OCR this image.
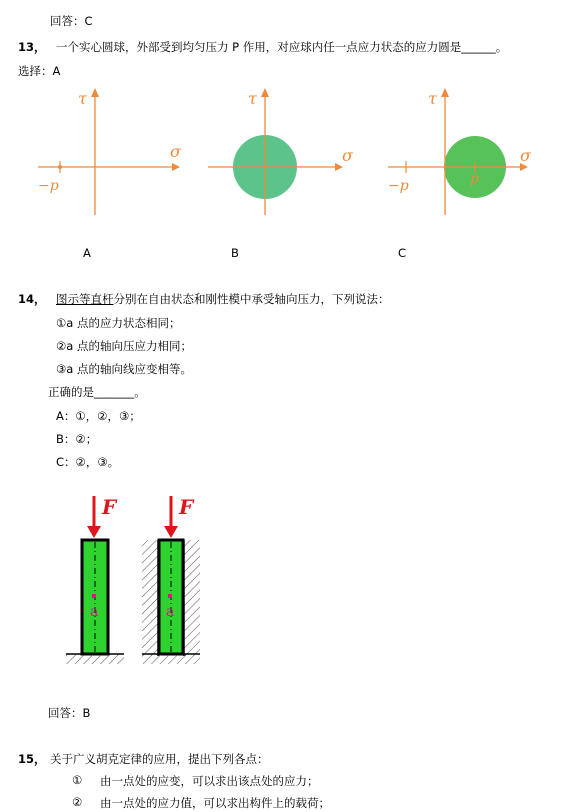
回答：C
13， 一个实心圆球，外部受到均匀压力 P 作用，对应球内任一点应力状态的应力圆是______。
选择：A
τ
σ
−p
τ
σ
τ
σ
−p	p
A	B	C
14， 图示等直杆分别在自由状态和刚性模中承受轴向压力，下列说法：
①a 点的应力状态相同；
②a 点的轴向压应力相同；
③a 点的轴向线应变相等。
正确的是_______。
A：①，②，③；
B：②；
C：②，③。
F
a
F
a
回答：B
15， 关于广义胡克定律的应用，提出下列各点：
① 由一点处的应变，可以求出该点处的应力；
② 由一点处的应力值，可以求出构件上的载荷；
